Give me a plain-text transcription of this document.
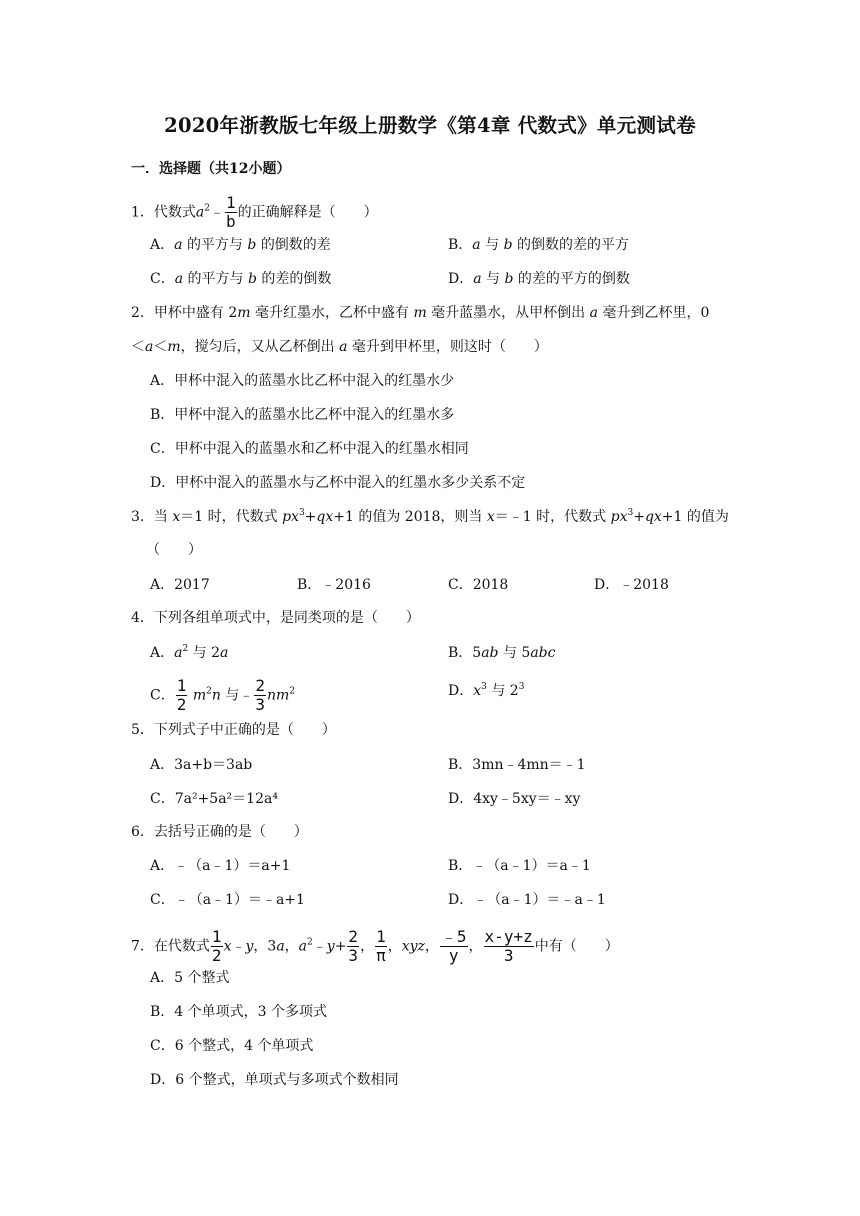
2020年浙教版七年级上册数学《第4章 代数式》单元测试卷
一．选择题（共12小题）
1．代数式$a^2﹣ \frac{1}{b}$ 的正确解释是（　　）
A．a 的平方与 b 的倒数的差	B．a 与 b 的倒数的差的平方
C．a 的平方与 b 的差的倒数	D．a 与 b 的差的平方的倒数
2．甲杯中盛有 2m 毫升红墨水，乙杯中盛有 m 毫升蓝墨水，从甲杯倒出 a 毫升到乙杯里，0
＜a＜m，搅匀后，又从乙杯倒出 a 毫升到甲杯里，则这时（　　）
A．甲杯中混入的蓝墨水比乙杯中混入的红墨水少
B．甲杯中混入的蓝墨水比乙杯中混入的红墨水多
C．甲杯中混入的蓝墨水和乙杯中混入的红墨水相同
D．甲杯中混入的蓝墨水与乙杯中混入的红墨水多少关系不定
3．当 x＝1 时，代数式 $px^3+qx+1$ 的值为 2018，则当 x＝﹣1 时，代数式 $px^3+qx+1$ 的值为
（　　）
A．2017	B．﹣2016	C．2018	D．﹣2018
4．下列各组单项式中，是同类项的是（　　）
A．$a^2$ 与 2a	B．5ab 与 5abc
C． $\frac{1}{2} m^2n$ 与﹣ $\frac{2}{3} nm^2$	D．$x^3$ 与 $2^3$
5．下列式子中正确的是（　　）
A．3a+b＝3ab	B．3mn﹣4mn＝﹣1
C．7a²+5a²＝12a⁴	D．4xy﹣5xy＝﹣xy
6．去括号正确的是（　　）
A．﹣（a﹣1）＝a+1	B．﹣（a﹣1）＝a﹣1
C．﹣（a﹣1）＝﹣a+1	D．﹣（a﹣1）＝﹣a﹣1
7．在代数式 $\frac{1}{2}$ x﹣y，3a，$a^2﹣y+ \frac{2}{3}$ ， $\frac{1}{\pi}$ ，xyz， $\frac{﹣5}{y}$ ， $\frac{x-y+z}{3}$ 中有（　　）
A．5 个整式
B．4 个单项式，3 个多项式
C．6 个整式，4 个单项式
D．6 个整式，单项式与多项式个数相同
